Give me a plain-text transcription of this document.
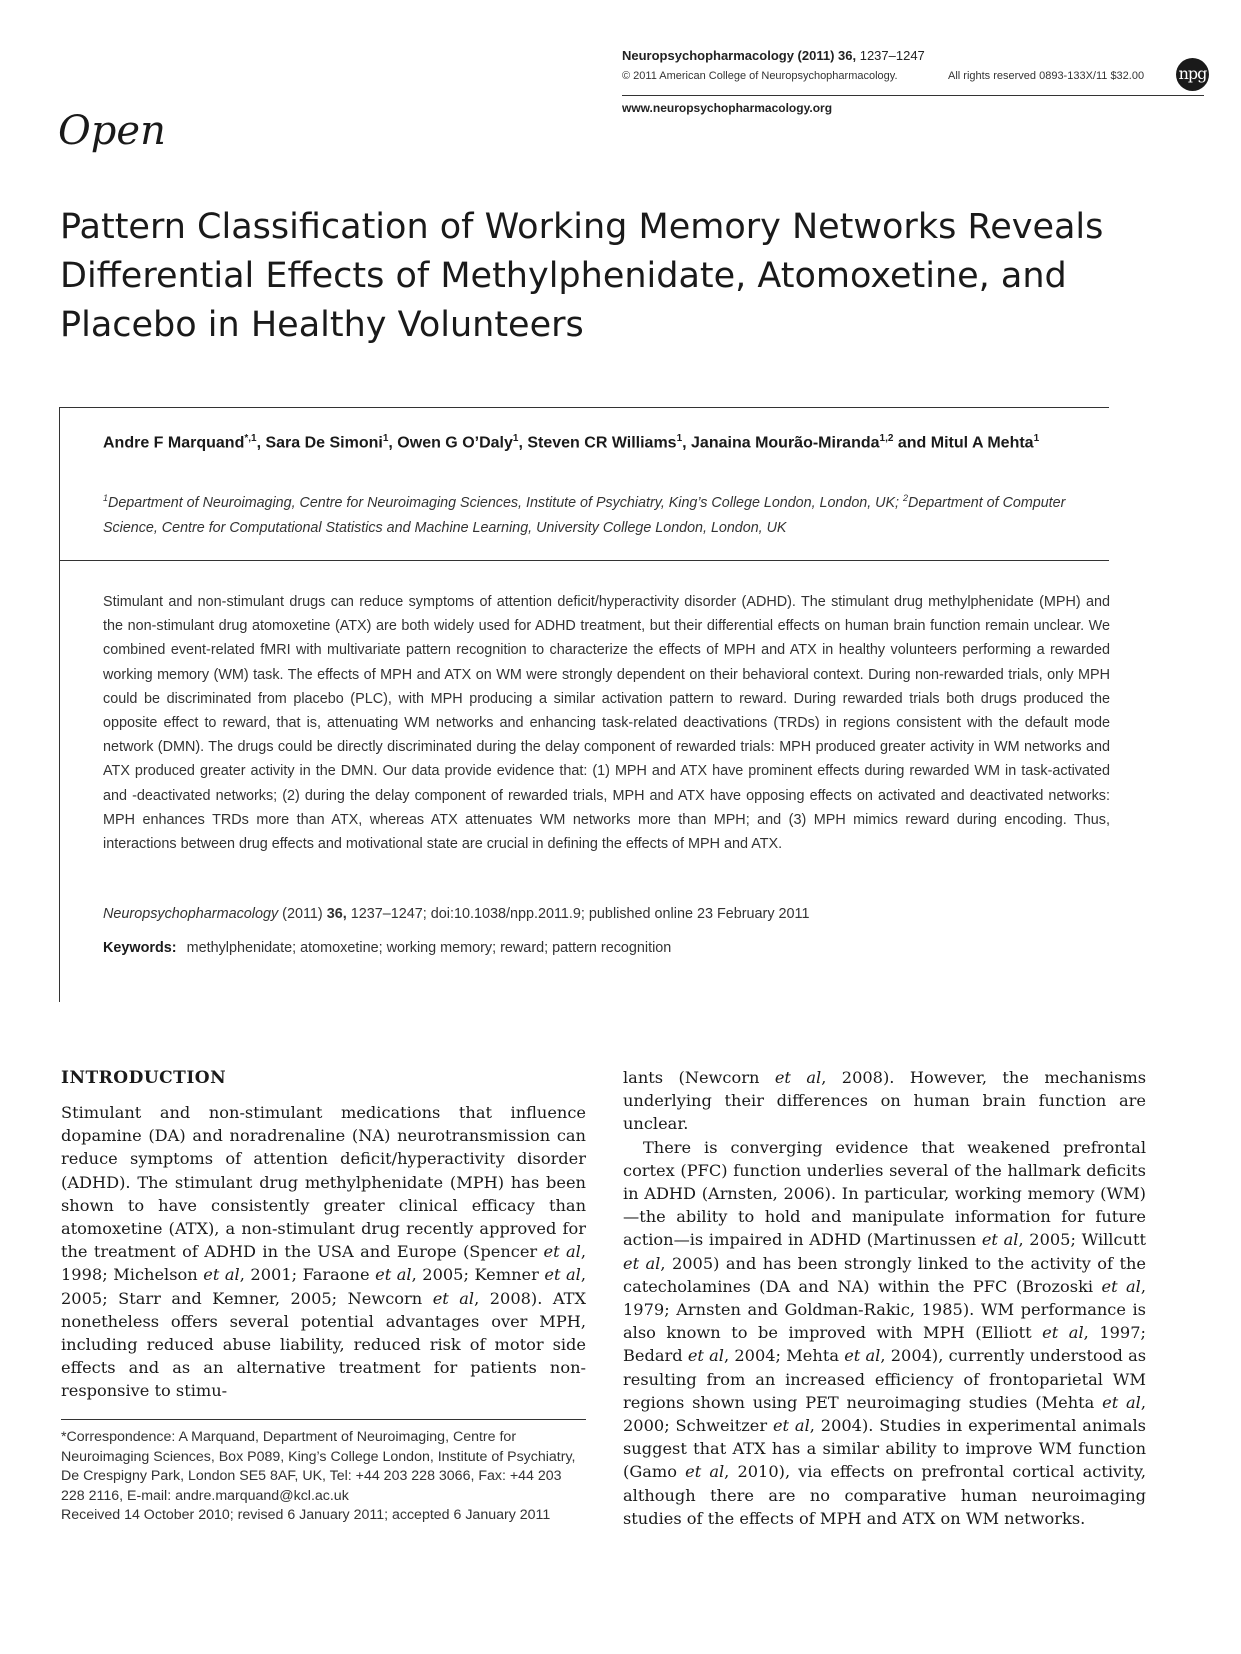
Neuropsychopharmacology (2011) 36, 1237–1247
© 2011 American College of Neuropsychopharmacology.	All rights reserved 0893-133X/11 $32.00
www.neuropsychopharmacology.org
npg
Open
Pattern Classification of Working Memory Networks Reveals Differential Effects of Methylphenidate, Atomoxetine, and Placebo in Healthy Volunteers

Andre F Marquand$^{*,1}$, Sara De Simoni$^1$, Owen G O’Daly$^1$, Steven CR Williams$^1$, Janaina Mourão-Miranda$^{1,2}$ and Mitul A Mehta$^1$

$^1$Department of Neuroimaging, Centre for Neuroimaging Sciences, Institute of Psychiatry, King’s College London, London, UK; $^2$Department of Computer Science, Centre for Computational Statistics and Machine Learning, University College London, London, UK

Stimulant and non-stimulant drugs can reduce symptoms of attention deficit/hyperactivity disorder (ADHD). The stimulant drug methylphenidate (MPH) and the non-stimulant drug atomoxetine (ATX) are both widely used for ADHD treatment, but their differential effects on human brain function remain unclear. We combined event-related fMRI with multivariate pattern recognition to characterize the effects of MPH and ATX in healthy volunteers performing a rewarded working memory (WM) task. The effects of MPH and ATX on WM were strongly dependent on their behavioral context. During non-rewarded trials, only MPH could be discriminated from placebo (PLC), with MPH producing a similar activation pattern to reward. During rewarded trials both drugs produced the opposite effect to reward, that is, attenuating WM networks and enhancing task-related deactivations (TRDs) in regions consistent with the default mode network (DMN). The drugs could be directly discriminated during the delay component of rewarded trials: MPH produced greater activity in WM networks and ATX produced greater activity in the DMN. Our data provide evidence that: (1) MPH and ATX have prominent effects during rewarded WM in task-activated and -deactivated networks; (2) during the delay component of rewarded trials, MPH and ATX have opposing effects on activated and deactivated networks: MPH enhances TRDs more than ATX, whereas ATX attenuates WM networks more than MPH; and (3) MPH mimics reward during encoding. Thus, interactions between drug effects and motivational state are crucial in defining the effects of MPH and ATX.

Neuropsychopharmacology (2011) 36, 1237–1247; doi:10.1038/npp.2011.9; published online 23 February 2011
Keywords: methylphenidate; atomoxetine; working memory; reward; pattern recognition
INTRODUCTION

Stimulant and non-stimulant medications that influence dopamine (DA) and noradrenaline (NA) neurotransmission can reduce symptoms of attention deficit/hyperactivity disorder (ADHD). The stimulant drug methylphenidate (MPH) has been shown to have consistently greater clinical efficacy than atomoxetine (ATX), a non-stimulant drug recently approved for the treatment of ADHD in the USA and Europe (Spencer et al, 1998; Michelson et al, 2001; Faraone et al, 2005; Kemner et al, 2005; Starr and Kemner, 2005; Newcorn et al, 2008). ATX nonetheless offers several potential advantages over MPH, including reduced abuse liability, reduced risk of motor side effects and as an alternative treatment for patients non-responsive to stimu-

lants (Newcorn et al, 2008). However, the mechanisms underlying their differences on human brain function are unclear.

There is converging evidence that weakened prefrontal cortex (PFC) function underlies several of the hallmark deficits in ADHD (Arnsten, 2006). In particular, working memory (WM)—the ability to hold and manipulate information for future action—is impaired in ADHD (Martinussen et al, 2005; Willcutt et al, 2005) and has been strongly linked to the activity of the catecholamines (DA and NA) within the PFC (Brozoski et al, 1979; Arnsten and Goldman-Rakic, 1985). WM performance is also known to be improved with MPH (Elliott et al, 1997; Bedard et al, 2004; Mehta et al, 2004), currently understood as resulting from an increased efficiency of frontoparietal WM regions shown using PET neuroimaging studies (Mehta et al, 2000; Schweitzer et al, 2004). Studies in experimental animals suggest that ATX has a similar ability to improve WM function (Gamo et al, 2010), via effects on prefrontal cortical activity, although there are no comparative human neuroimaging studies of the effects of MPH and ATX on WM networks.

*Correspondence: A Marquand, Department of Neuroimaging, Centre for Neuroimaging Sciences, Box P089, King’s College London, Institute of Psychiatry, De Crespigny Park, London SE5 8AF, UK, Tel: +44 203 228 3066, Fax: +44 203 228 2116, E-mail: andre.marquand@kcl.ac.uk
Received 14 October 2010; revised 6 January 2011; accepted 6 January 2011
